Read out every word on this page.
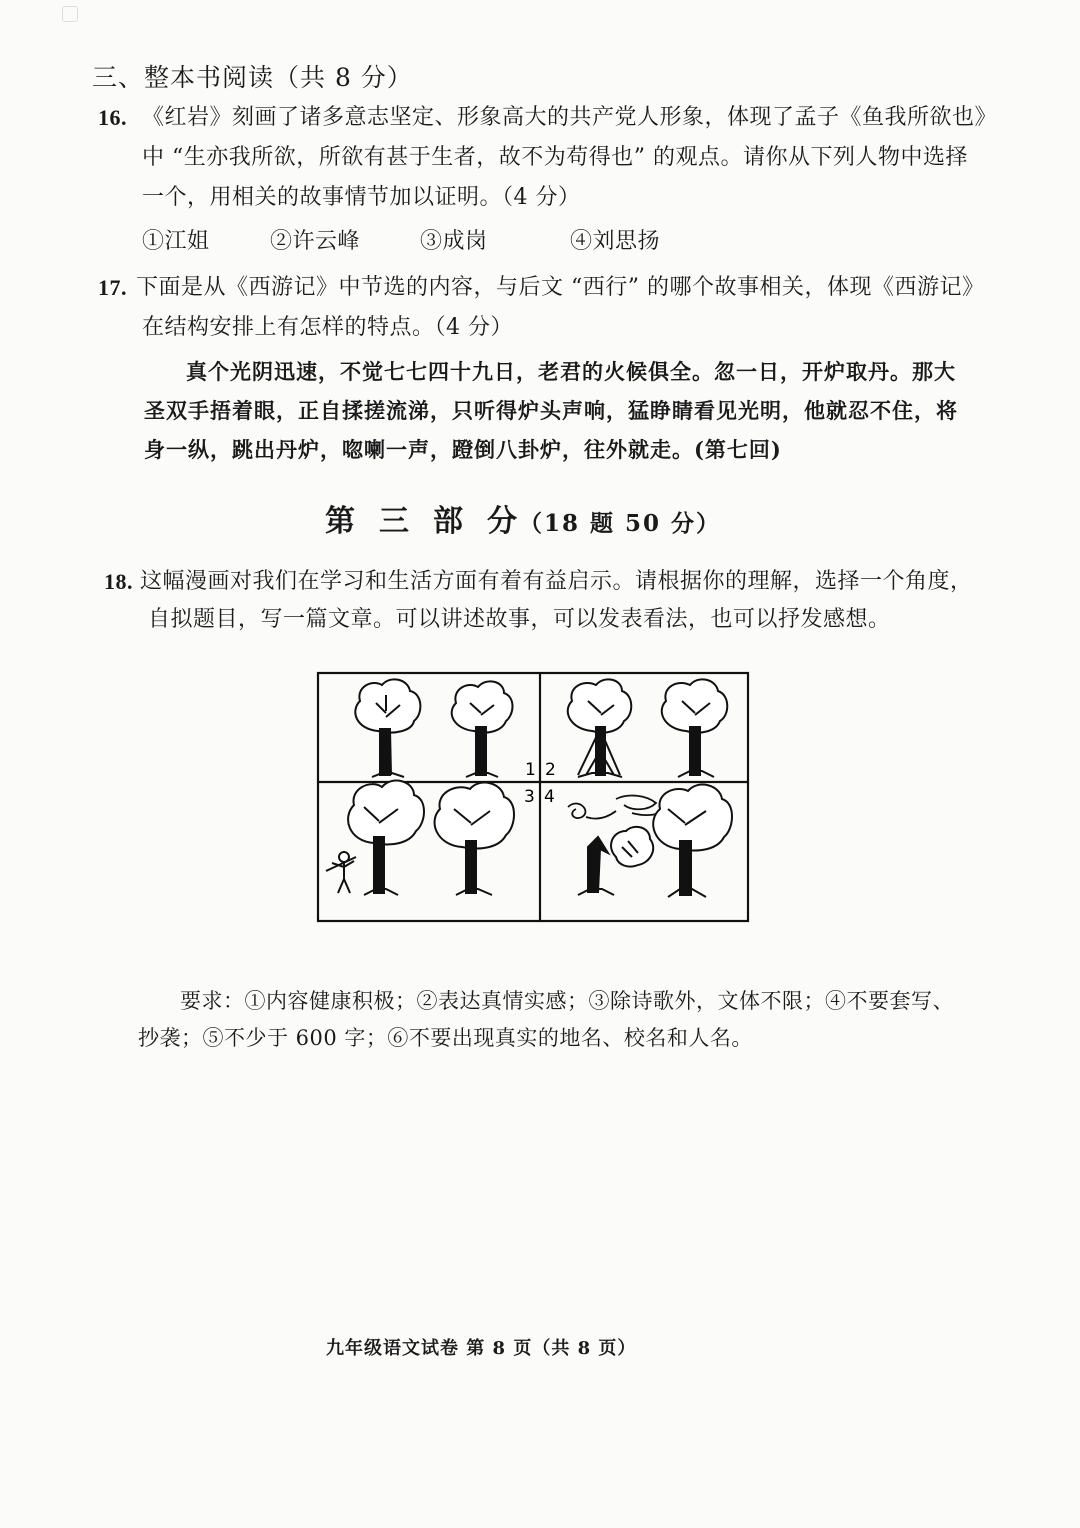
三、整本书阅读（共 8 分）
16. 《红岩》刻画了诸多意志坚定、形象高大的共产党人形象，体现了孟子《鱼我所欲也》
中 “生亦我所欲，所欲有甚于生者，故不为苟得也” 的观点。请你从下列人物中选择
一个，用相关的故事情节加以证明。（4 分）
①江姐	②许云峰	③成岗	④刘思扬
17. 下面是从《西游记》中节选的内容，与后文 “西行” 的哪个故事相关，体现《西游记》
在结构安排上有怎样的特点。（4 分）
真个光阴迅速，不觉七七四十九日，老君的火候俱全。忽一日，开炉取丹。那大
圣双手捂着眼，正自揉搓流涕，只听得炉头声响，猛睁睛看见光明，他就忍不住，将
身一纵，跳出丹炉，唿喇一声，蹬倒八卦炉，往外就走。(第七回)
第 三 部 分（18 题 50 分）
18. 这幅漫画对我们在学习和生活方面有着有益启示。请根据你的理解，选择一个角度，
自拟题目，写一篇文章。可以讲述故事，可以发表看法，也可以抒发感想。
1 2
3 4
要求：①内容健康积极；②表达真情实感；③除诗歌外，文体不限；④不要套写、
抄袭；⑤不少于 600 字；⑥不要出现真实的地名、校名和人名。
九年级语文试卷 第 8 页（共 8 页）
